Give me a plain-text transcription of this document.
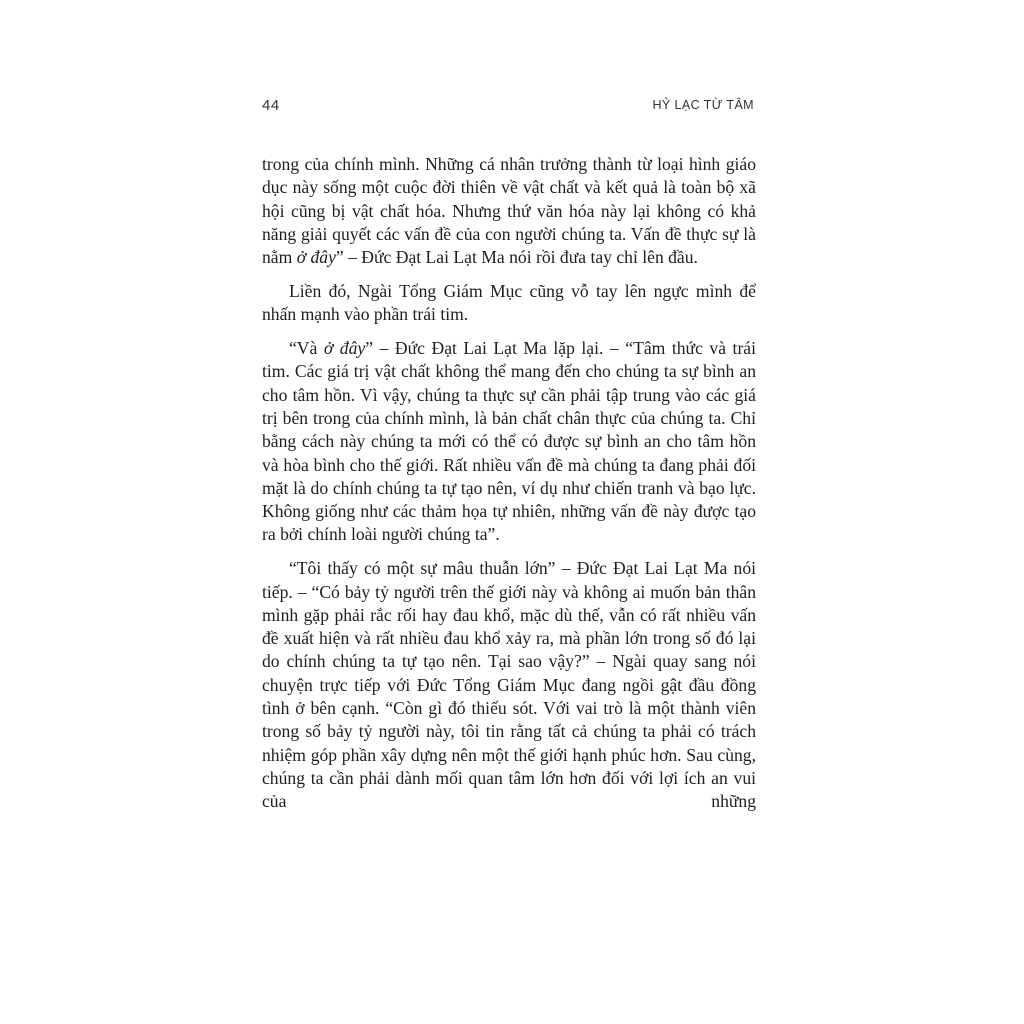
44	HỶ LẠC TỪ TÂM

trong của chính mình. Những cá nhân trưởng thành từ loại hình giáo dục này sống một cuộc đời thiên về vật chất và kết quả là toàn bộ xã hội cũng bị vật chất hóa. Nhưng thứ văn hóa này lại không có khả năng giải quyết các vấn đề của con người chúng ta. Vấn đề thực sự là nằm ở đây” – Đức Đạt Lai Lạt Ma nói rồi đưa tay chỉ lên đầu.

Liền đó, Ngài Tổng Giám Mục cũng vỗ tay lên ngực mình để nhấn mạnh vào phần trái tim.

“Và ở đây” – Đức Đạt Lai Lạt Ma lặp lại. – “Tâm thức và trái tim. Các giá trị vật chất không thể mang đến cho chúng ta sự bình an cho tâm hồn. Vì vậy, chúng ta thực sự cần phải tập trung vào các giá trị bên trong của chính mình, là bản chất chân thực của chúng ta. Chỉ bằng cách này chúng ta mới có thể có được sự bình an cho tâm hồn và hòa bình cho thế giới. Rất nhiều vấn đề mà chúng ta đang phải đối mặt là do chính chúng ta tự tạo nên, ví dụ như chiến tranh và bạo lực. Không giống như các thảm họa tự nhiên, những vấn đề này được tạo ra bởi chính loài người chúng ta”.

“Tôi thấy có một sự mâu thuẫn lớn” – Đức Đạt Lai Lạt Ma nói tiếp. – “Có bảy tỷ người trên thế giới này và không ai muốn bản thân mình gặp phải rắc rối hay đau khổ, mặc dù thế, vẫn có rất nhiều vấn đề xuất hiện và rất nhiều đau khổ xảy ra, mà phần lớn trong số đó lại do chính chúng ta tự tạo nên. Tại sao vậy?” – Ngài quay sang nói chuyện trực tiếp với Đức Tổng Giám Mục đang ngồi gật đầu đồng tình ở bên cạnh. “Còn gì đó thiếu sót. Với vai trò là một thành viên trong số bảy tỷ người này, tôi tin rằng tất cả chúng ta phải có trách nhiệm góp phần xây dựng nên một thế giới hạnh phúc hơn. Sau cùng, chúng ta cần phải dành mối quan tâm lớn hơn đối với lợi ích an vui của những
